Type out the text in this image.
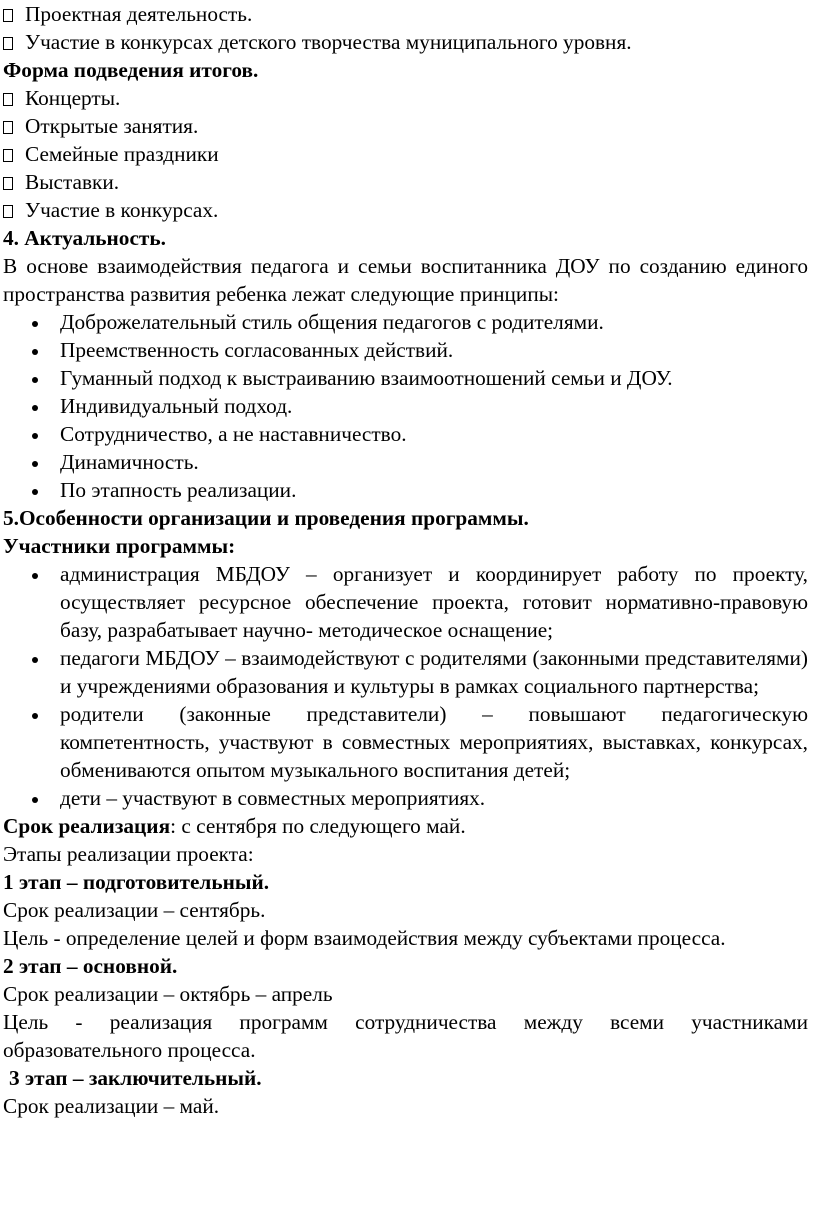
Проектная деятельность.

Участие в конкурсах детского творчества муниципального уровня.

Форма подведения итогов.

Концерты.

Открытые занятия.

Семейные праздники

Выставки.

Участие в конкурсах.

4. Актуальность.

В основе взаимодействия педагога и семьи воспитанника ДОУ по созданию единого пространства развития ребенка лежат следующие принципы:

Доброжелательный стиль общения педагогов с родителями.
Преемственность согласованных действий.
Гуманный подход к выстраиванию взаимоотношений семьи и ДОУ.
Индивидуальный подход.
Сотрудничество, а не наставничество.
Динамичность.
По этапность реализации.

5.Особенности организации и проведения программы.

Участники программы:

администрация МБДОУ – организует и координирует работу по проекту, осуществляет ресурсное обеспечение проекта, готовит нормативно-правовую базу, разрабатывает научно- методическое оснащение;
педагоги МБДОУ – взаимодействуют с родителями (законными представителями) и учреждениями образования и культуры в рамках социального партнерства;
родители (законные представители) – повышают педагогическую компетентность, участвуют в совместных мероприятиях, выставках, конкурсах, обмениваются опытом музыкального воспитания детей;
дети – участвуют в совместных мероприятиях.

Срок реализация: с сентября по следующего май.

Этапы реализации проекта:

1 этап – подготовительный.

Срок реализации – сентябрь.

Цель - определение целей и форм взаимодействия между субъектами процесса.

2 этап – основной.

Срок реализации – октябрь – апрель

Цель - реализация программ сотрудничества между всеми участниками образовательного процесса.

3 этап – заключительный.

Срок реализации – май.
